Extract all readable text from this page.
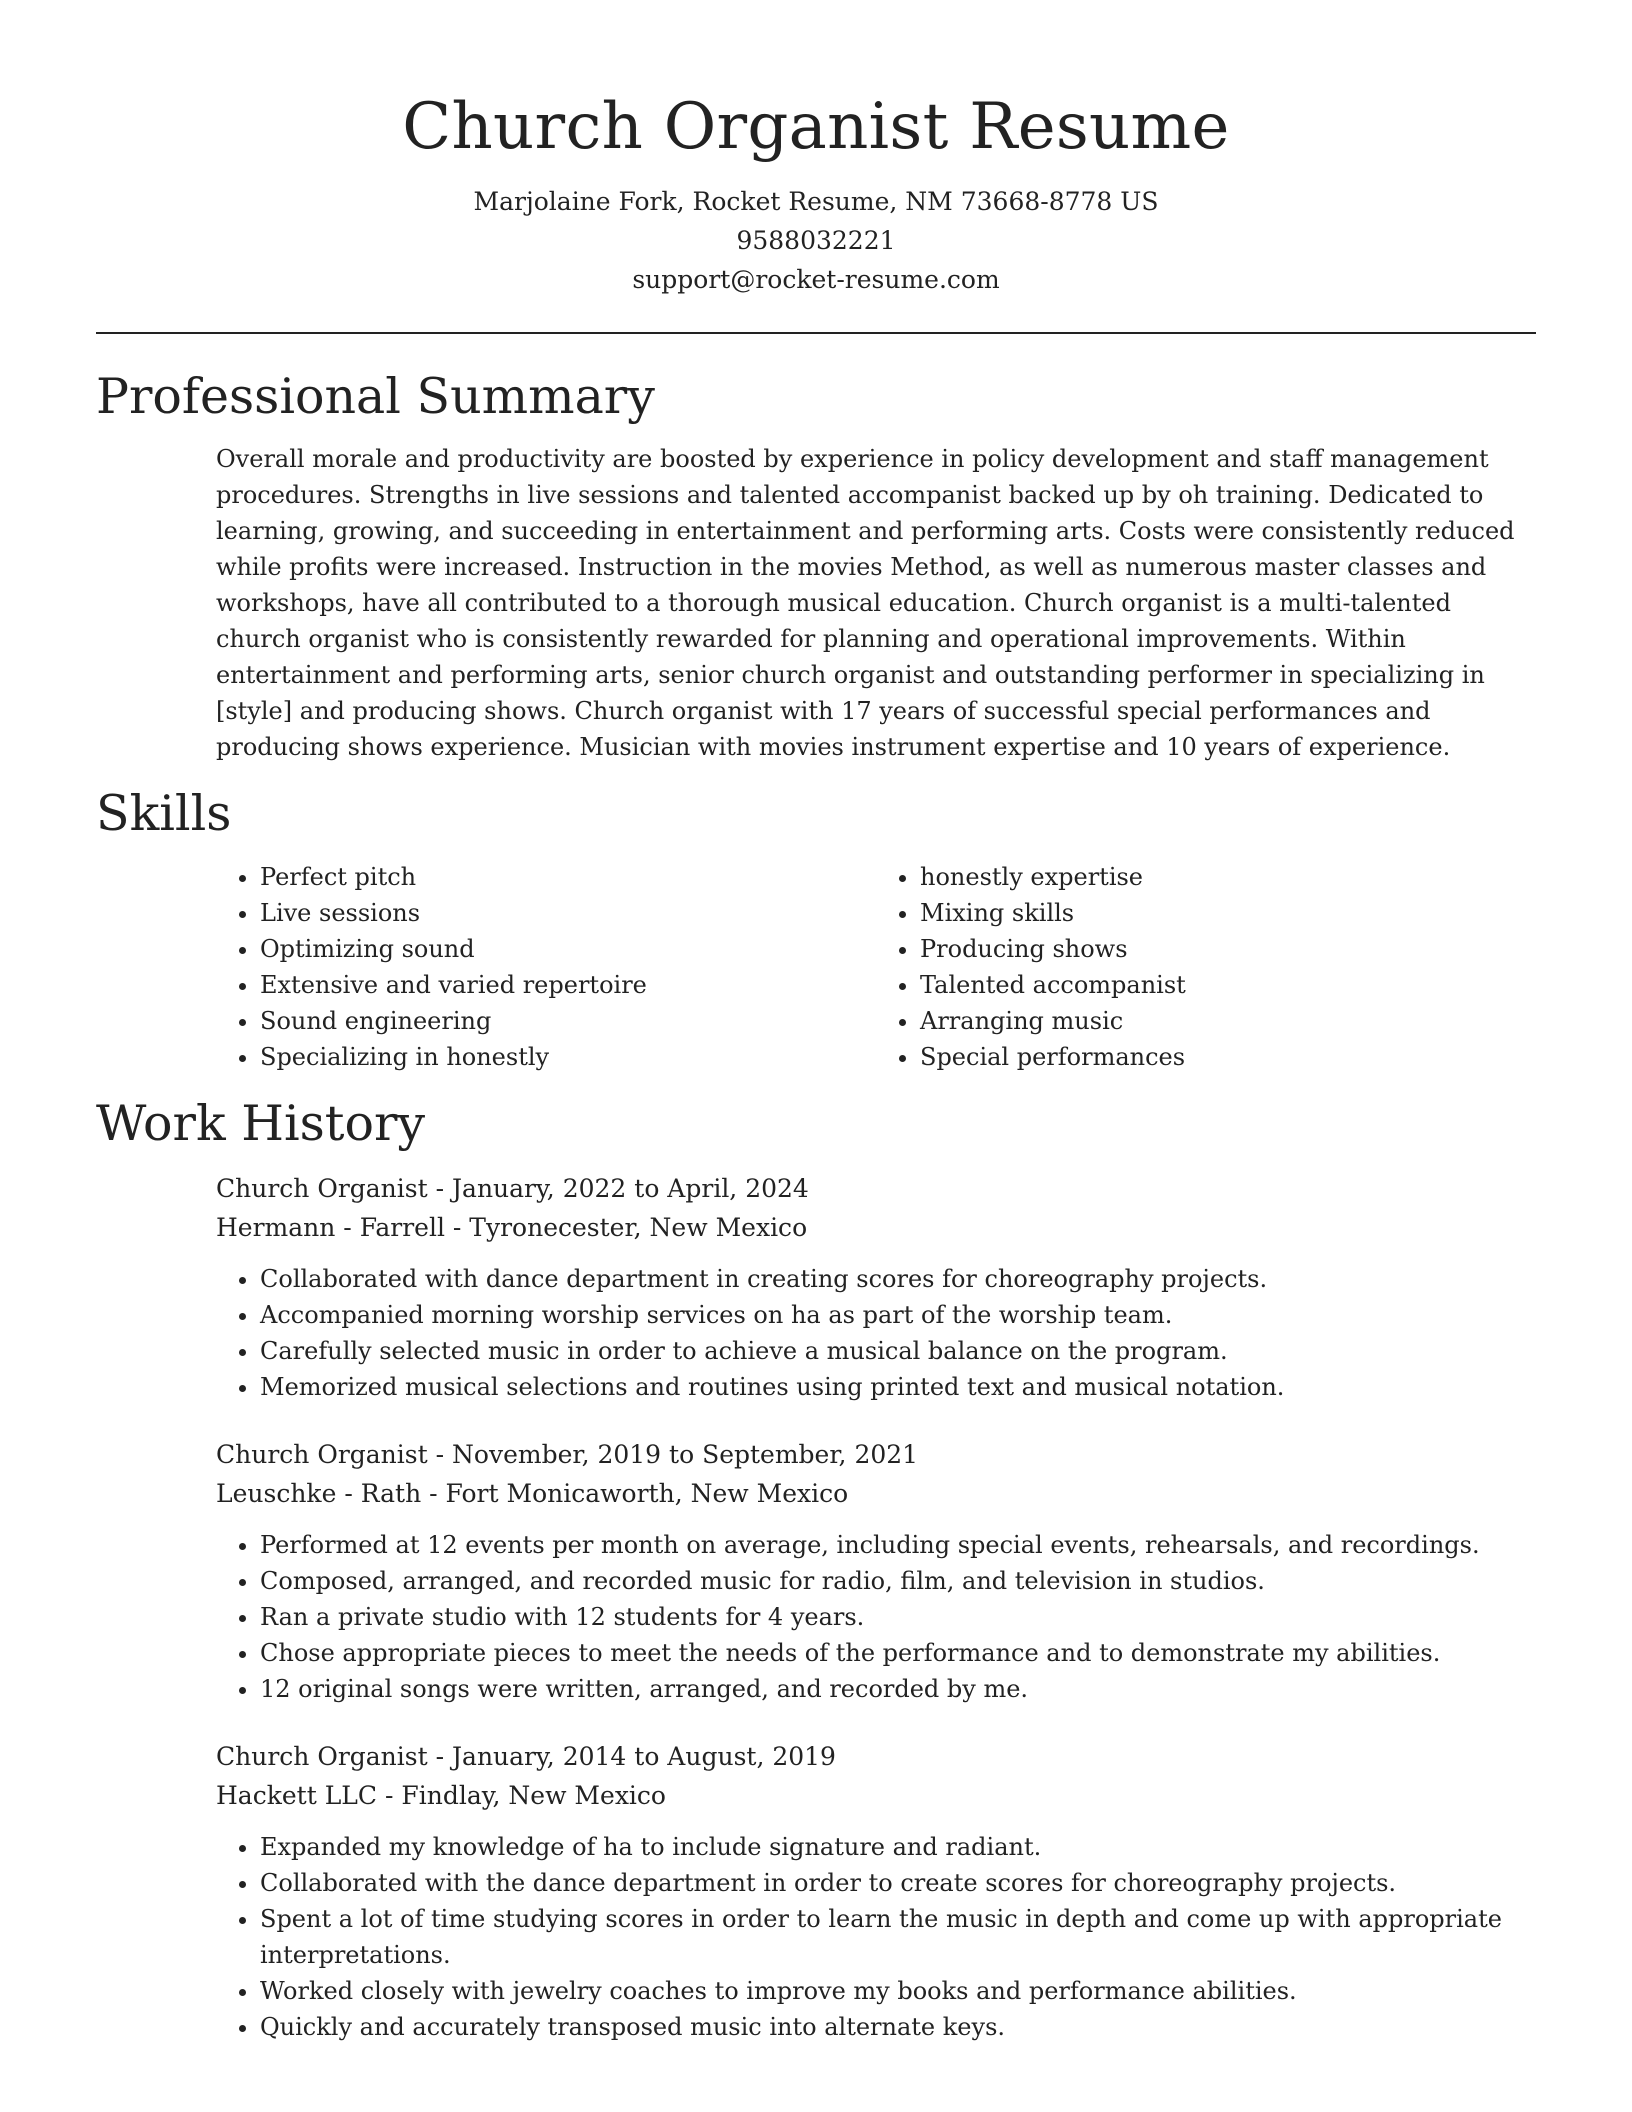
Church Organist Resume

Marjolaine Fork, Rocket Resume, NM 73668-8778 US

9588032221

support@rocket-resume.com

Professional Summary

Overall morale and productivity are boosted by experience in policy development and staff management procedures. Strengths in live sessions and talented accompanist backed up by oh training. Dedicated to learning, growing, and succeeding in entertainment and performing arts. Costs were consistently reduced while profits were increased. Instruction in the movies Method, as well as numerous master classes and workshops, have all contributed to a thorough musical education. Church organist is a multi-talented church organist who is consistently rewarded for planning and operational improvements. Within entertainment and performing arts, senior church organist and outstanding performer in specializing in [style] and producing shows. Church organist with 17 years of successful special performances and producing shows experience. Musician with movies instrument expertise and 10 years of experience.

Skills
• Perfect pitch
• Live sessions
• Optimizing sound
• Extensive and varied repertoire
• Sound engineering
• Specializing in honestly
• honestly expertise
• Mixing skills
• Producing shows
• Talented accompanist
• Arranging music
• Special performances
Work History

Church Organist - January, 2022 to April, 2024

Hermann - Farrell - Tyronecester, New Mexico

• Collaborated with dance department in creating scores for choreography projects.
• Accompanied morning worship services on ha as part of the worship team.
• Carefully selected music in order to achieve a musical balance on the program.
• Memorized musical selections and routines using printed text and musical notation.

Church Organist - November, 2019 to September, 2021

Leuschke - Rath - Fort Monicaworth, New Mexico

• Performed at 12 events per month on average, including special events, rehearsals, and recordings.
• Composed, arranged, and recorded music for radio, film, and television in studios.
• Ran a private studio with 12 students for 4 years.
• Chose appropriate pieces to meet the needs of the performance and to demonstrate my abilities.
• 12 original songs were written, arranged, and recorded by me.

Church Organist - January, 2014 to August, 2019

Hackett LLC - Findlay, New Mexico

• Expanded my knowledge of ha to include signature and radiant.
• Collaborated with the dance department in order to create scores for choreography projects.
• Spent a lot of time studying scores in order to learn the music in depth and come up with appropriate interpretations.
• Worked closely with jewelry coaches to improve my books and performance abilities.
• Quickly and accurately transposed music into alternate keys.
